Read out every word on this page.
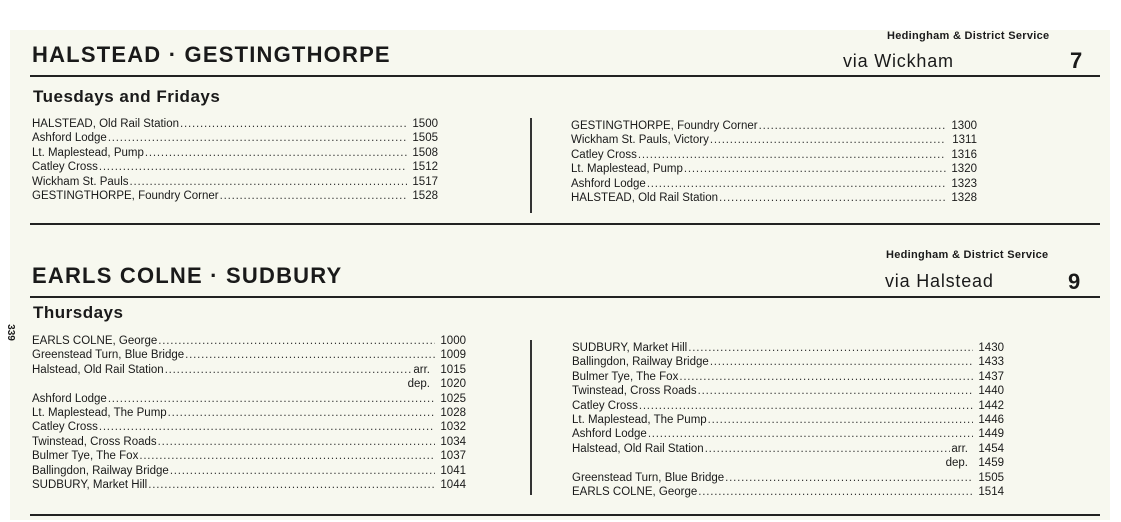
339
Hedingham & District Service
HALSTEAD · GESTINGTHORPE	via Wickham	7
Tuesdays and Fridays
HALSTEAD, Old Rail Station . . .	1500
Ashford Lodge . . .	1505
Lt. Maplestead, Pump . . .	1508
Catley Cross . . .	1512
Wickham St. Pauls . . .	1517
GESTINGTHORPE, Foundry Corner . . .	1528
GESTINGTHORPE, Foundry Corner . . .	1300
Wickham St. Pauls, Victory . . .	1311
Catley Cross . . .	1316
Lt. Maplestead, Pump . . .	1320
Ashford Lodge . . .	1323
HALSTEAD, Old Rail Station . . .	1328
Hedingham & District Service
EARLS COLNE · SUDBURY	via Halstead	9
Thursdays
EARLS COLNE, George . . .	1000
Greenstead Turn, Blue Bridge . . .	1009
Halstead, Old Rail Station . . .	arr. 1015
dep. 1020
Ashford Lodge . . .	1025
Lt. Maplestead, The Pump . . .	1028
Catley Cross . . .	1032
Twinstead, Cross Roads . . .	1034
Bulmer Tye, The Fox . . .	1037
Ballingdon, Railway Bridge . . .	1041
SUDBURY, Market Hill . . .	1044
SUDBURY, Market Hill . . .	1430
Ballingdon, Railway Bridge . . .	1433
Bulmer Tye, The Fox . . .	1437
Twinstead, Cross Roads . . .	1440
Catley Cross . . .	1442
Lt. Maplestead, The Pump . . .	1446
Ashford Lodge . . .	1449
Halstead, Old Rail Station . . .	arr. 1454
dep. 1459
Greenstead Turn, Blue Bridge . . .	1505
EARLS COLNE, George . . .	1514
